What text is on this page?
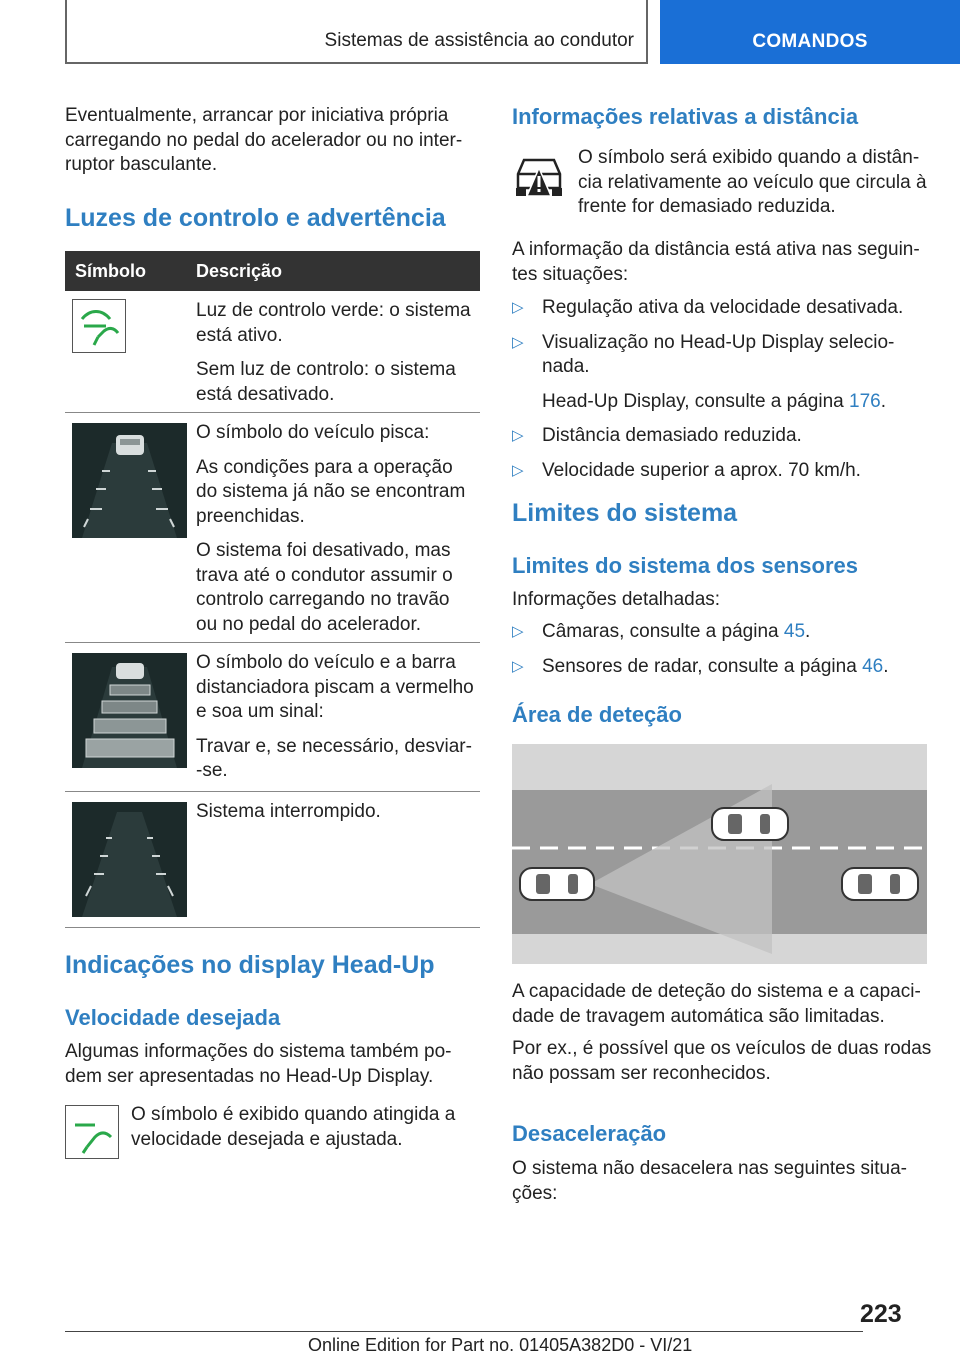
Sistemas de assistência ao condutor	COMANDOS
Eventualmente, arrancar por iniciativa própria
carregando no pedal do acelerador ou no inter-
ruptor basculante.
Luzes de controlo e advertência
Símbolo	Descrição

Luz de controlo verde: o sistema
está ativo.

Sem luz de controlo: o sistema
está desativado.

O símbolo do veículo pisca:

As condições para a operação
do sistema já não se encontram
preenchidas.

O sistema foi desativado, mas
trava até o condutor assumir o
controlo carregando no travão
ou no pedal do acelerador.

O símbolo do veículo e a barra
distanciadora piscam a vermelho
e soa um sinal:

Travar e, se necessário, desviar-
-se.

Sistema interrompido.

Indicações no display Head-Up
Velocidade desejada
Algumas informações do sistema também po-
dem ser apresentadas no Head-Up Display.
O símbolo é exibido quando atingida a
velocidade desejada e ajustada.
Informações relativas a distância
O símbolo será exibido quando a distân-
cia relativamente ao veículo que circula à
frente for demasiado reduzida.
A informação da distância está ativa nas seguin-
tes situações:
▷ Regulação ativa da velocidade desativada.
▷ Visualização no Head-Up Display selecio-
nada.

Head-Up Display, consulte a página 176.

▷ Distância demasiado reduzida.
▷ Velocidade superior a aprox. 70 km/h.
Limites do sistema
Limites do sistema dos sensores
Informações detalhadas:
▷ Câmaras, consulte a página 45.
▷ Sensores de radar, consulte a página 46.
Área de deteção
A capacidade de deteção do sistema e a capaci-
dade de travagem automática são limitadas.
Por ex., é possível que os veículos de duas rodas
não possam ser reconhecidos.
Desaceleração
O sistema não desacelera nas seguintes situa-
ções:
223
Online Edition for Part no. 01405A382D0 - VI/21
